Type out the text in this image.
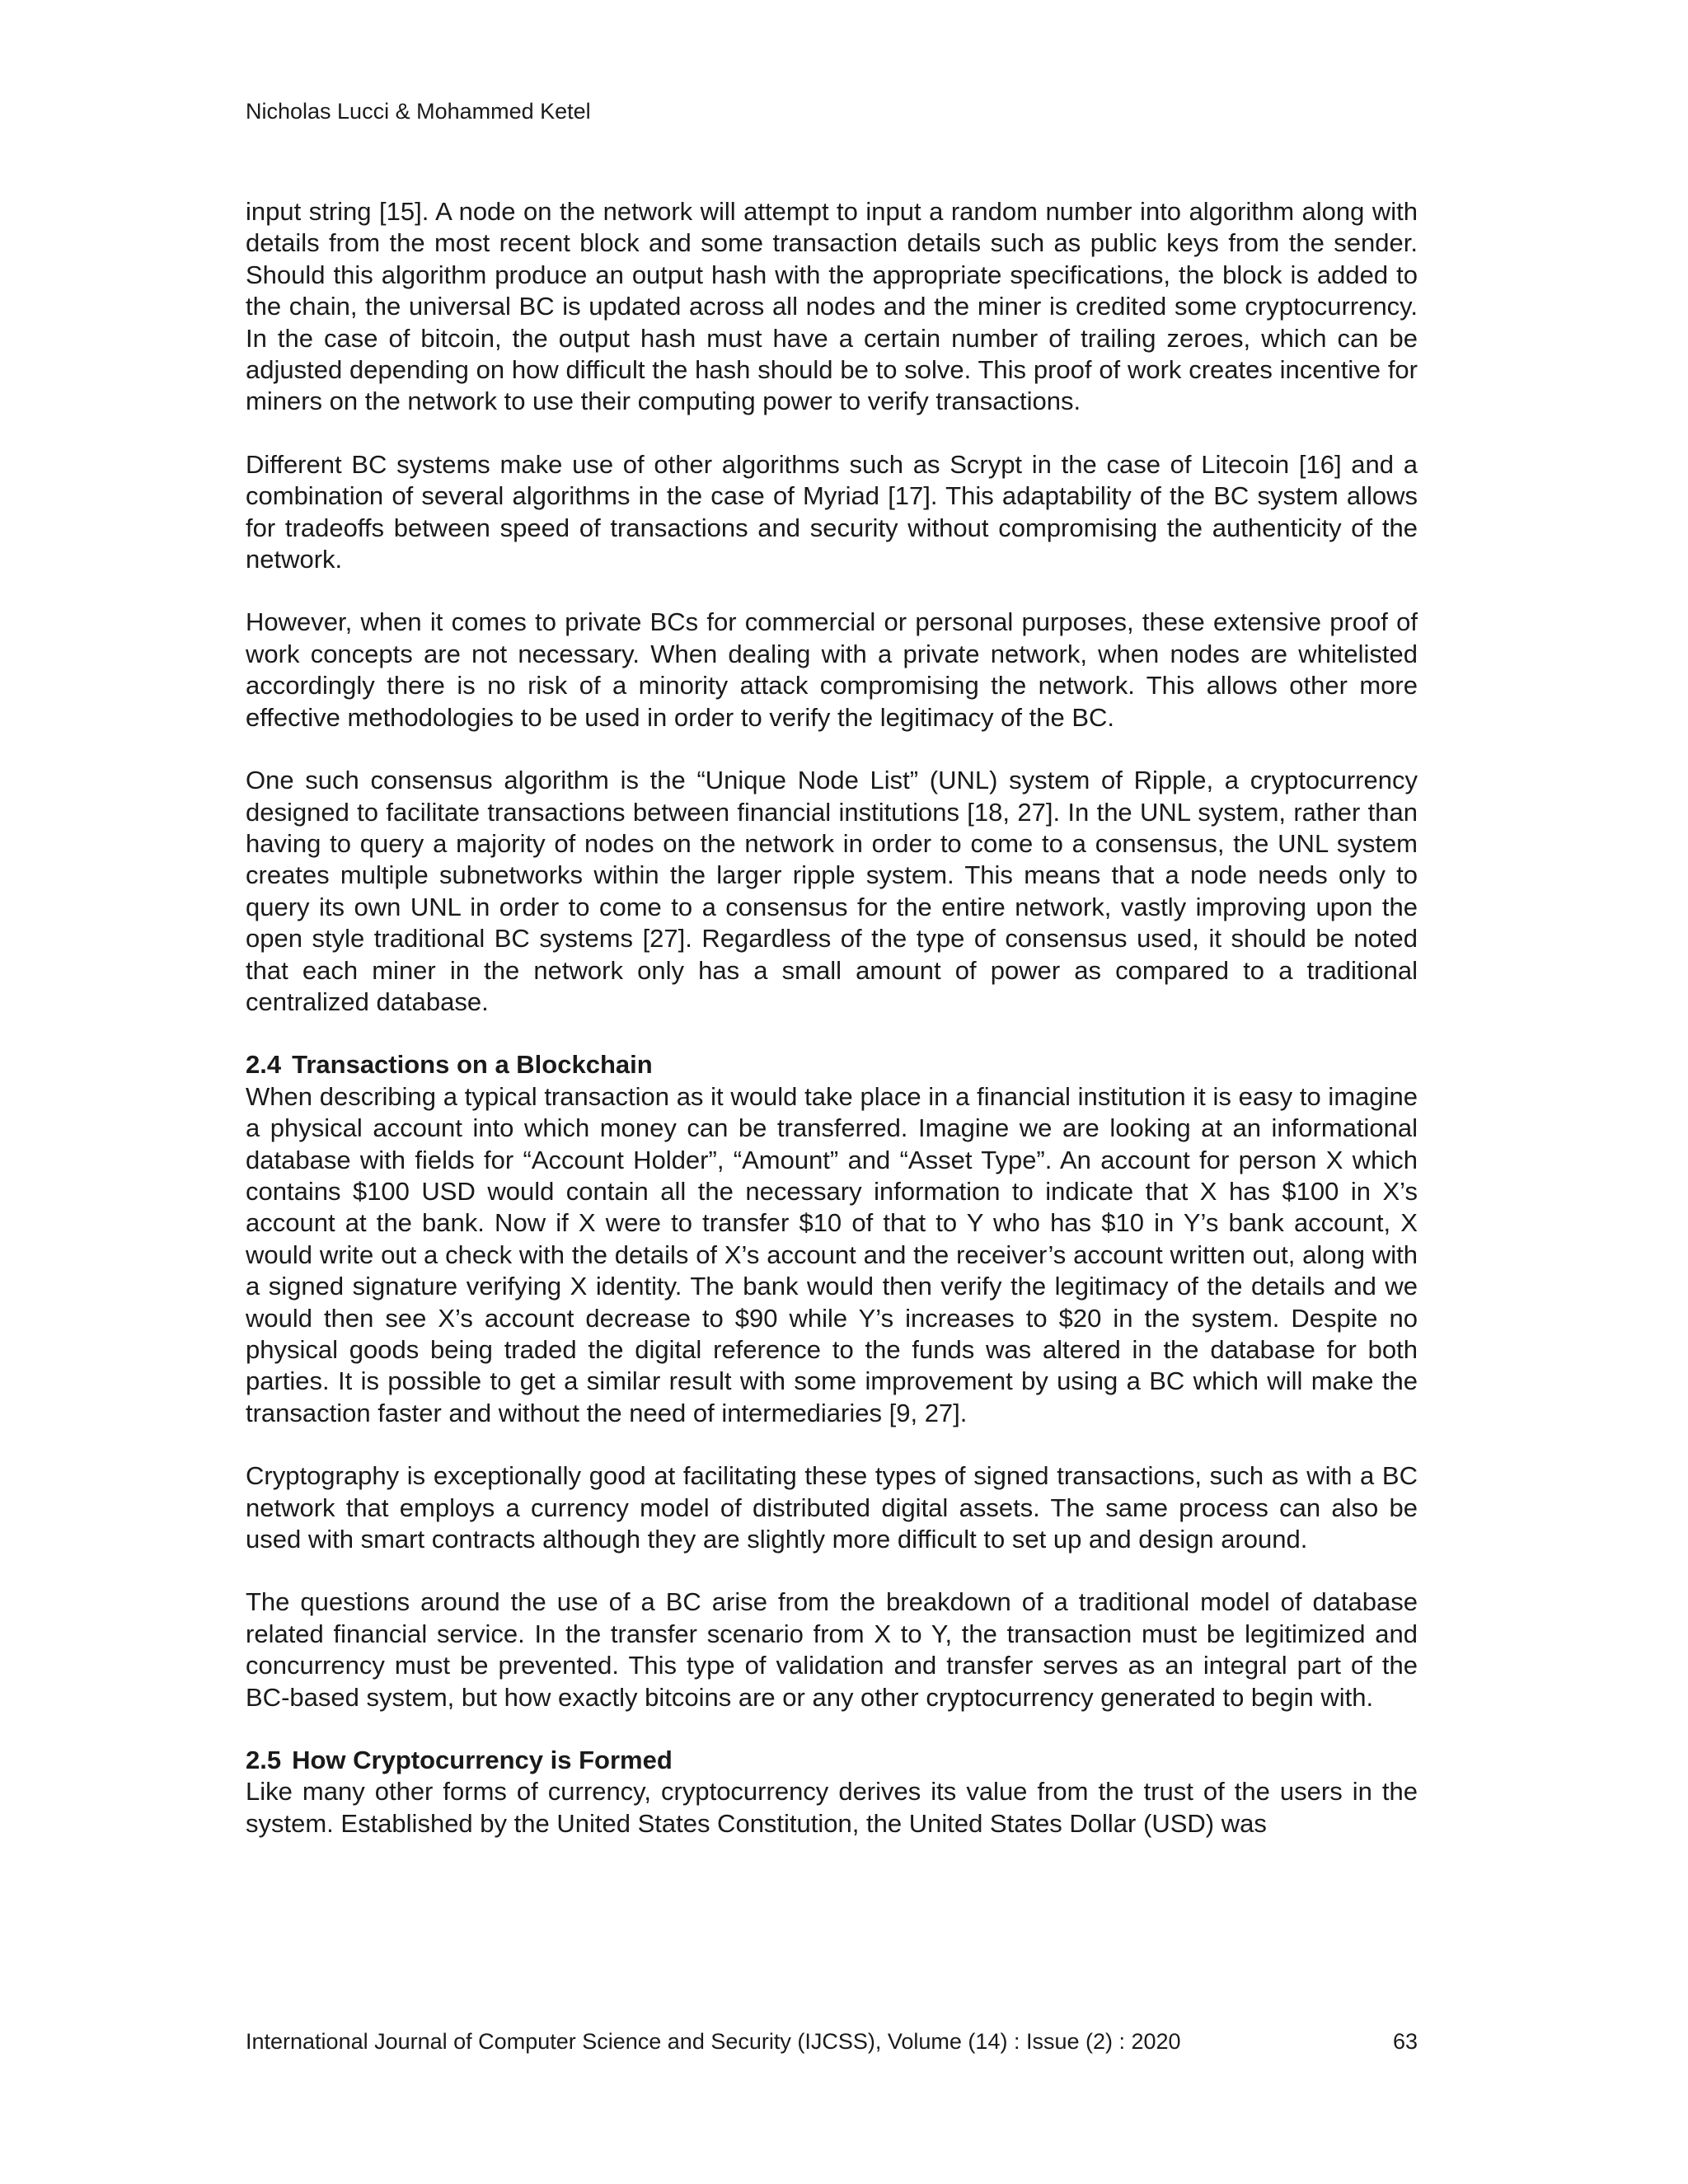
Nicholas Lucci & Mohammed Ketel

input string [15]. A node on the network will attempt to input a random number into algorithm along with details from the most recent block and some transaction details such as public keys from the sender. Should this algorithm produce an output hash with the appropriate specifications, the block is added to the chain, the universal BC is updated across all nodes and the miner is credited some cryptocurrency. In the case of bitcoin, the output hash must have a certain number of trailing zeroes, which can be adjusted depending on how difficult the hash should be to solve. This proof of work creates incentive for miners on the network to use their computing power to verify transactions.

Different BC systems make use of other algorithms such as Scrypt in the case of Litecoin [16] and a combination of several algorithms in the case of Myriad [17]. This adaptability of the BC system allows for tradeoffs between speed of transactions and security without compromising the authenticity of the network.

However, when it comes to private BCs for commercial or personal purposes, these extensive proof of work concepts are not necessary. When dealing with a private network, when nodes are whitelisted accordingly there is no risk of a minority attack compromising the network. This allows other more effective methodologies to be used in order to verify the legitimacy of the BC.

One such consensus algorithm is the “Unique Node List” (UNL) system of Ripple, a cryptocurrency designed to facilitate transactions between financial institutions [18, 27]. In the UNL system, rather than having to query a majority of nodes on the network in order to come to a consensus, the UNL system creates multiple subnetworks within the larger ripple system. This means that a node needs only to query its own UNL in order to come to a consensus for the entire network, vastly improving upon the open style traditional BC systems [27]. Regardless of the type of consensus used, it should be noted that each miner in the network only has a small amount of power as compared to a traditional centralized database.

2.4 Transactions on a Blockchain

When describing a typical transaction as it would take place in a financial institution it is easy to imagine a physical account into which money can be transferred. Imagine we are looking at an informational database with fields for “Account Holder”, “Amount” and “Asset Type”. An account for person X which contains $100 USD would contain all the necessary information to indicate that X has $100 in X’s account at the bank. Now if X were to transfer $10 of that to Y who has $10 in Y’s bank account, X would write out a check with the details of X’s account and the receiver’s account written out, along with a signed signature verifying X identity. The bank would then verify the legitimacy of the details and we would then see X’s account decrease to $90 while Y’s increases to $20 in the system. Despite no physical goods being traded the digital reference to the funds was altered in the database for both parties. It is possible to get a similar result with some improvement by using a BC which will make the transaction faster and without the need of intermediaries [9, 27].

Cryptography is exceptionally good at facilitating these types of signed transactions, such as with a BC network that employs a currency model of distributed digital assets. The same process can also be used with smart contracts although they are slightly more difficult to set up and design around.

The questions around the use of a BC arise from the breakdown of a traditional model of database related financial service. In the transfer scenario from X to Y, the transaction must be legitimized and concurrency must be prevented. This type of validation and transfer serves as an integral part of the BC-based system, but how exactly bitcoins are or any other cryptocurrency generated to begin with.

2.5 How Cryptocurrency is Formed

Like many other forms of currency, cryptocurrency derives its value from the trust of the users in the system. Established by the United States Constitution, the United States Dollar (USD) was

International Journal of Computer Science and Security (IJCSS), Volume (14) : Issue (2) : 2020	63
